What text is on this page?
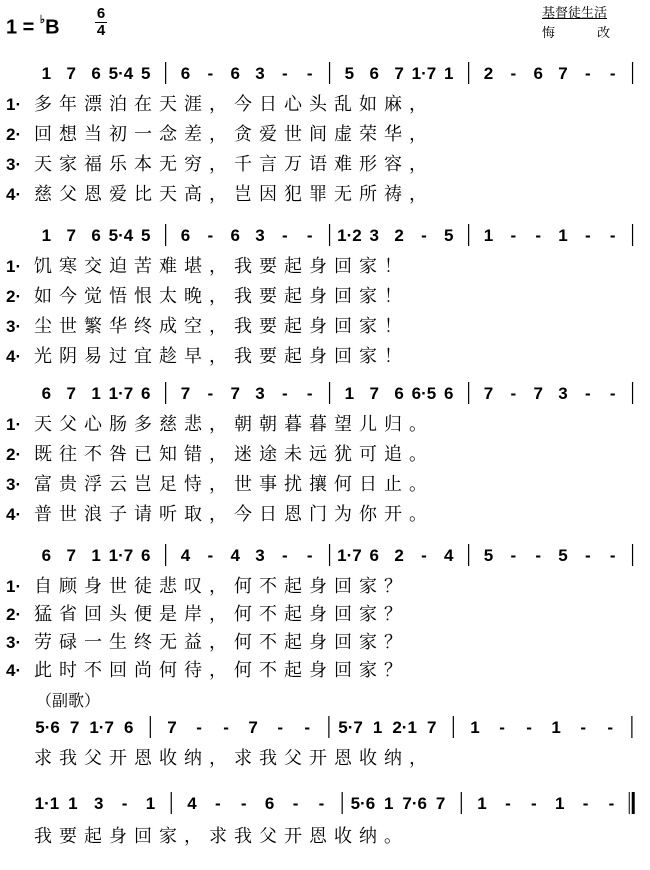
1 = ♭B
6
4
基督徒生活
悔 改
1 7 6 5·4 5 6 - 6 3 - - 5 6 7 1·7 1 2 - 6 7 - -
1· 多年漂泊在天涯，今日心头乱如麻，
2· 回想当初一念差，贪爱世间虚荣华，
3· 天家福乐本无穷，千言万语难形容，
4· 慈父恩爱比天高，岂因犯罪无所祷，
1 7 6 5·4 5 6 - 6 3 - - 1·2 3 2 - 5 1 - - 1 - -
1· 饥寒交迫苦难堪，我要起身回家！
2· 如今觉悟恨太晚，我要起身回家！
3· 尘世繁华终成空，我要起身回家！
4· 光阴易过宜趁早，我要起身回家！
6 7 1 1·7 6 7 - 7 3 - - 1 7 6 6·5 6 7 - 7 3 - -
1· 天父心肠多慈悲，朝朝暮暮望儿归。
2· 既往不咎已知错，迷途未远犹可追。
3· 富贵浮云岂足恃，世事扰攘何日止。
4· 普世浪子请听取，今日恩门为你开。
6 7 1 1·7 6 4 - 4 3 - - 1·7 6 2 - 4 5 - - 5 - -
1· 自顾身世徒悲叹，何不起身回家？
2· 猛省回头便是岸，何不起身回家？
3· 劳碌一生终无益，何不起身回家？
4· 此时不回尚何待，何不起身回家？
（副歌）
5·6 7 1·7 6 7 - - 7 - - 5·7 1 2·1 7 1 - - 1 - -
求我父开恩收纳，求我父开恩收纳，
1·1 1 3 - 1 4 - - 6 - - 5·6 1 7·6 7 1 - - 1 - -
我要起身回家，求我父开恩收纳。
